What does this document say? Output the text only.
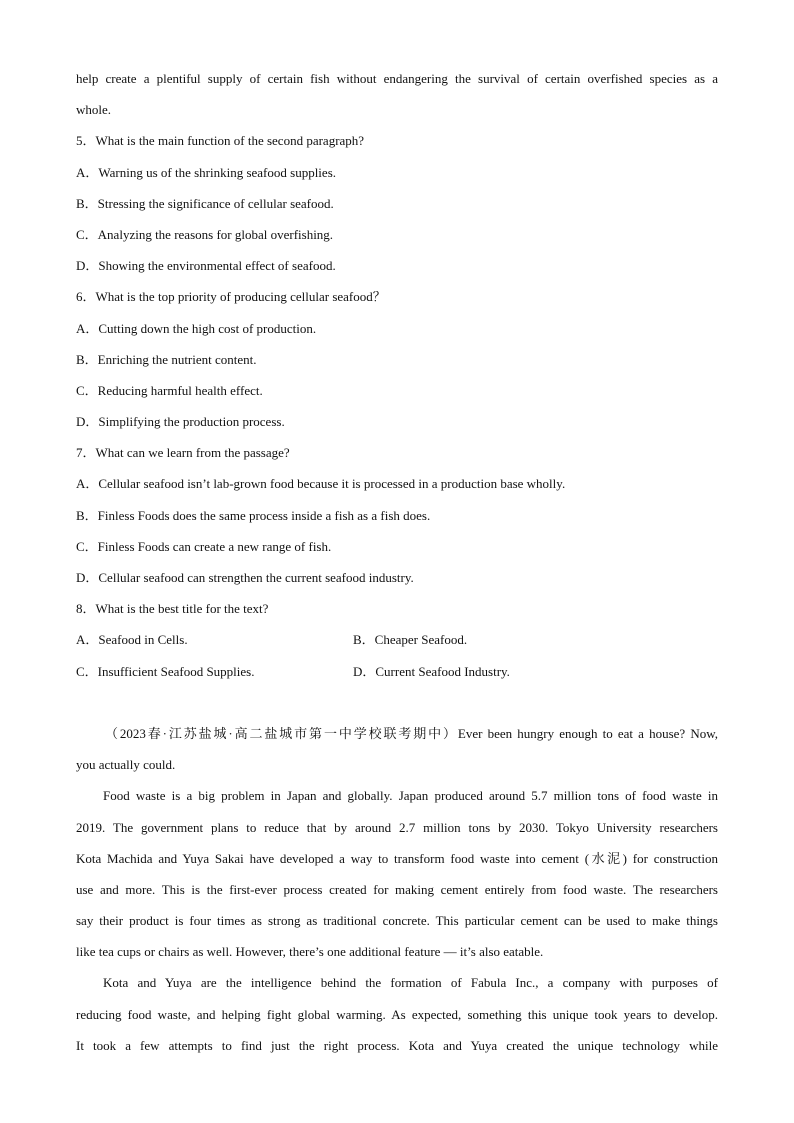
help create a plentiful supply of certain fish without endangering the survival of certain overfished species as a
whole.
5．What is the main function of the second paragraph?
A．Warning us of the shrinking seafood supplies.
B．Stressing the significance of cellular seafood.
C．Analyzing the reasons for global overfishing.
D．Showing the environmental effect of seafood.
6．What is the top priority of producing cellular seafood？
A．Cutting down the high cost of production.
B．Enriching the nutrient content.
C．Reducing harmful health effect.
D．Simplifying the production process.
7．What can we learn from the passage?
A．Cellular seafood isn’t lab-grown food because it is processed in a production base wholly.
B．Finless Foods does the same process inside a fish as a fish does.
C．Finless Foods can create a new range of fish.
D．Cellular seafood can strengthen the current seafood industry.
8．What is the best title for the text?
A．Seafood in Cells.	B．Cheaper Seafood.
C．Insufficient Seafood Supplies.	D．Current Seafood Industry.
（2023春·江苏盐城·高二盐城市第一中学校联考期中）Ever been hungry enough to eat a house? Now,
you actually could.
Food waste is a big problem in Japan and globally. Japan produced around 5.7 million tons of food waste in
2019. The government plans to reduce that by around 2.7 million tons by 2030. Tokyo University researchers
Kota Machida and Yuya Sakai have developed a way to transform food waste into cement (水泥) for construction
use and more. This is the first-ever process created for making cement entirely from food waste. The researchers
say their product is four times as strong as traditional concrete. This particular cement can be used to make things
like tea cups or chairs as well. However, there’s one additional feature — it’s also eatable.
Kota and Yuya are the intelligence behind the formation of Fabula Inc., a company with purposes of
reducing food waste, and helping fight global warming. As expected, something this unique took years to develop.
It took a few attempts to find just the right process. Kota and Yuya created the unique technology while
